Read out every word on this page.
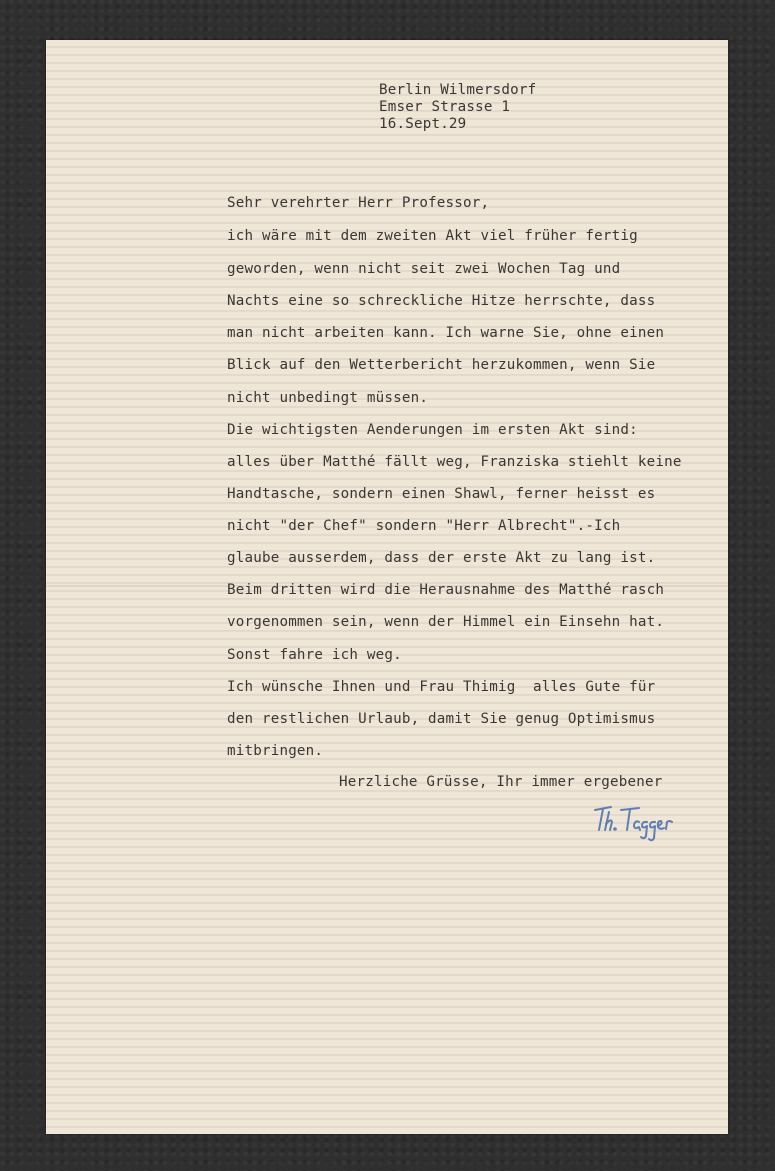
Berlin Wilmersdorf
Emser Strasse 1
16.Sept.29
Sehr verehrter Herr Professor,
ich wäre mit dem zweiten Akt viel früher fertig
geworden, wenn nicht seit zwei Wochen Tag und
Nachts eine so schreckliche Hitze herrschte, dass
man nicht arbeiten kann. Ich warne Sie, ohne einen
Blick auf den Wetterbericht herzukommen, wenn Sie
nicht unbedingt müssen.
Die wichtigsten Aenderungen im ersten Akt sind:
alles über Matthé fällt weg, Franziska stiehlt keine
Handtasche, sondern einen Shawl, ferner heisst es
nicht "der Chef" sondern "Herr Albrecht".-Ich
glaube ausserdem, dass der erste Akt zu lang ist.
Beim dritten wird die Herausnahme des Matthé rasch
vorgenommen sein, wenn der Himmel ein Einsehn hat.
Sonst fahre ich weg.
Ich wünsche Ihnen und Frau Thimig  alles Gute für
den restlichen Urlaub, damit Sie genug Optimismus
mitbringen.
Herzliche Grüsse, Ihr immer ergebener
